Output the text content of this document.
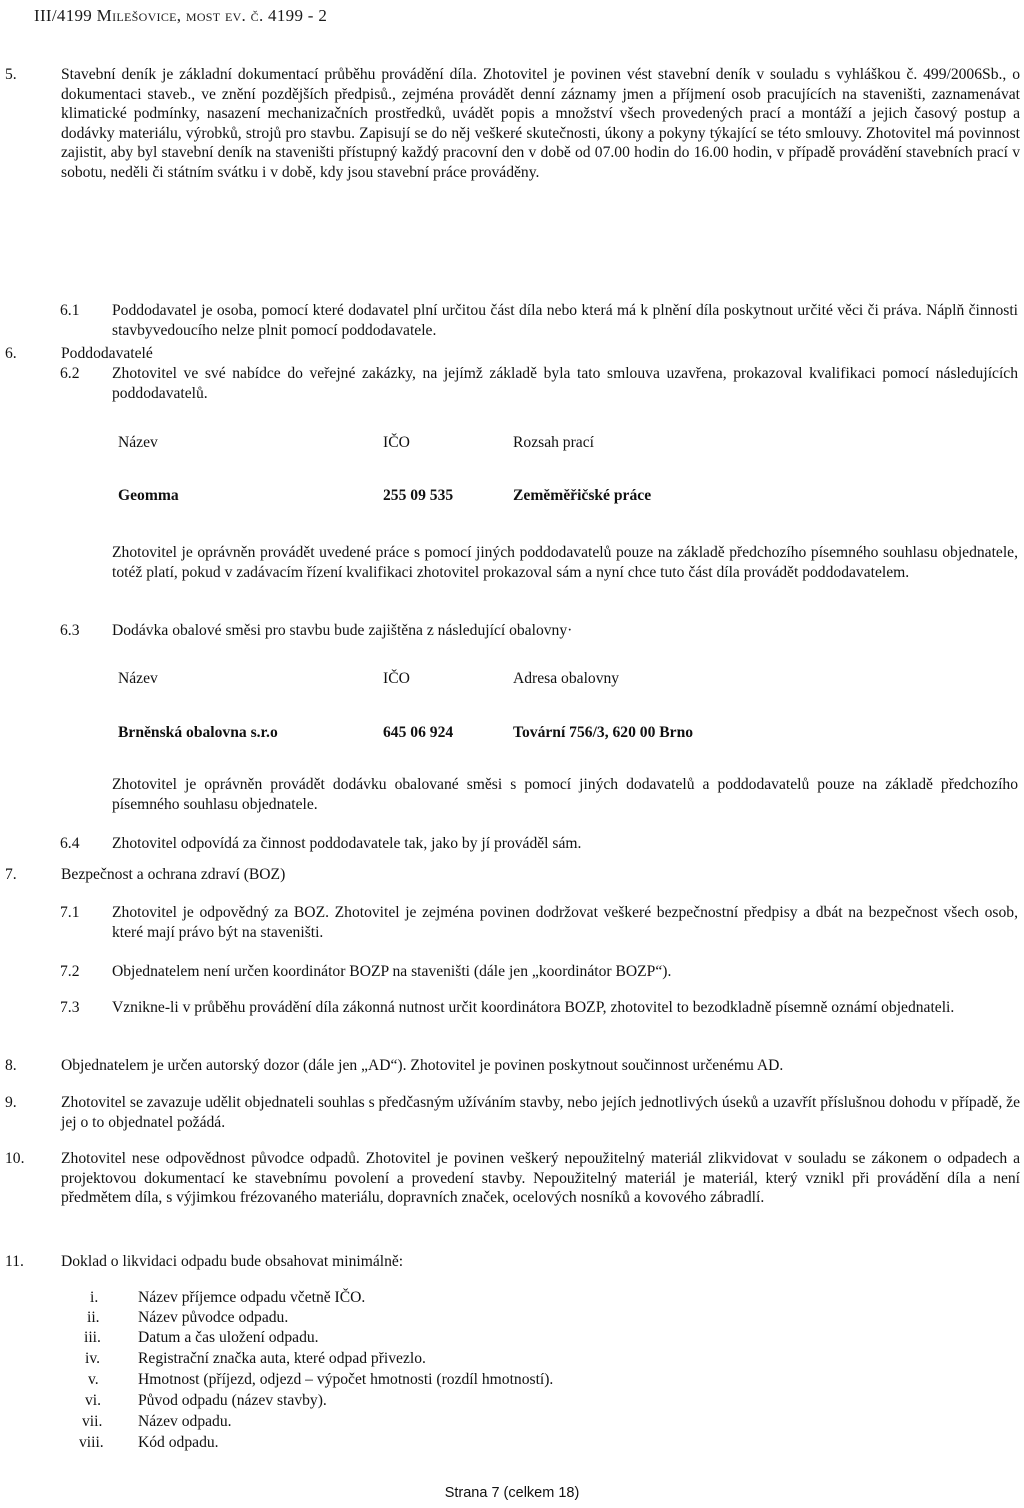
III/4199 Milešovice, most ev. č. 4199 - 2
5.	Stavební deník je základní dokumentací průběhu provádění díla. Zhotovitel je povinen vést stavební deník v souladu s vyhláškou č. 499/2006Sb., o dokumentaci staveb., ve znění pozdějších předpisů., zejména provádět denní záznamy jmen a příjmení osob pracujících na staveništi, zaznamenávat klimatické podmínky, nasazení mechanizačních prostředků, uvádět popis a množství všech provedených prací a montáží a jejich časový postup a dodávky materiálu, výrobků, strojů pro stavbu. Zapisují se do něj veškeré skutečnosti, úkony a pokyny týkající se této smlouvy. Zhotovitel má povinnost zajistit, aby byl stavební deník na staveništi přístupný každý pracovní den v době od 07.00 hodin do 16.00 hodin, v případě provádění stavebních prací v sobotu, neděli či státním svátku i v době, kdy jsou stavební práce prováděny.
6.	Poddodavatelé
6.1 Poddodavatel je osoba, pomocí které dodavatel plní určitou část díla nebo která má k plnění díla poskytnout určité věci či práva. Náplň činnosti stavbyvedoucího nelze plnit pomocí poddodavatele.
6.2 Zhotovitel ve své nabídce do veřejné zakázky, na jejímž základě byla tato smlouva uzavřena, prokazoval kvalifikaci pomocí následujících poddodavatelů.
Název	IČO	Rozsah prací
Geomma	255 09 535	Zeměměřičské práce
Zhotovitel je oprávněn provádět uvedené práce s pomocí jiných poddodavatelů pouze na základě předchozího písemného souhlasu objednatele, totéž platí, pokud v zadávacím řízení kvalifikaci zhotovitel prokazoval sám a nyní chce tuto část díla provádět poddodavatelem.
6.3 Dodávka obalové směsi pro stavbu bude zajištěna z následující obalovny·
Název	IČO	Adresa obalovny
Brněnská obalovna s.r.o	645 06 924	Tovární 756/3, 620 00 Brno
Zhotovitel je oprávněn provádět dodávku obalované směsi s pomocí jiných dodavatelů a poddodavatelů pouze na základě předchozího písemného souhlasu objednatele.
6.4 Zhotovitel odpovídá za činnost poddodavatele tak, jako by jí prováděl sám.
7.	Bezpečnost a ochrana zdraví (BOZ)
7.1 Zhotovitel je odpovědný za BOZ. Zhotovitel je zejména povinen dodržovat veškeré bezpečnostní předpisy a dbát na bezpečnost všech osob, které mají právo být na staveništi.
7.2 Objednatelem není určen koordinátor BOZP na staveništi (dále jen „koordinátor BOZP“).
7.3 Vznikne-li v průběhu provádění díla zákonná nutnost určit koordinátora BOZP, zhotovitel to bezodkladně písemně oznámí objednateli.
8.	Objednatelem je určen autorský dozor (dále jen „AD“). Zhotovitel je povinen poskytnout součinnost určenému AD.
9.	Zhotovitel se zavazuje udělit objednateli souhlas s předčasným užíváním stavby, nebo jejích jednotlivých úseků a uzavřít příslušnou dohodu v případě, že jej o to objednatel požádá.
10. Zhotovitel nese odpovědnost původce odpadů. Zhotovitel je povinen veškerý nepoužitelný materiál zlikvidovat v souladu se zákonem o odpadech a projektovou dokumentací ke stavebnímu povolení a provedení stavby. Nepoužitelný materiál je materiál, který vznikl při provádění díla a není předmětem díla, s výjimkou frézovaného materiálu, dopravních značek, ocelových nosníků a kovového zábradlí.
11. Doklad o likvidaci odpadu bude obsahovat minimálně:
i.	Název příjemce odpadu včetně IČO.
ii. Název původce odpadu.
iii. Datum a čas uložení odpadu.
iv. Registrační značka auta, které odpad přivezlo.
v.	Hmotnost (příjezd, odjezd – výpočet hmotnosti (rozdíl hmotností).
vi. Původ odpadu (název stavby).
vii. Název odpadu.
viii. Kód odpadu.
Strana 7 (celkem 18)
